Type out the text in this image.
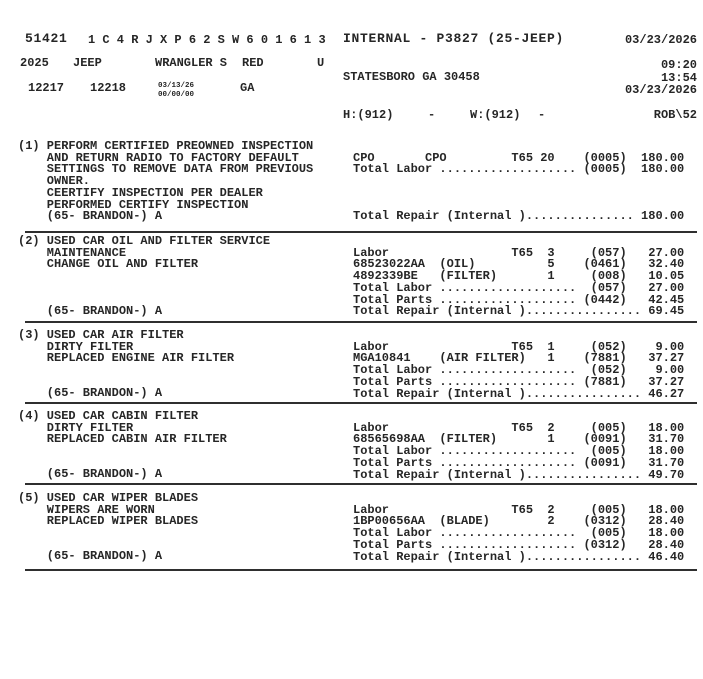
51421 1 C 4 R J X P 6 2 S W 6 0 1 6 1 3 INTERNAL - P3827 (25-JEEP)	03/23/2026
2025 JEEP	WRANGLER S RED	U	09:20
STATESBORO GA 30458	13:54
12217 12218	03/13/26
00/00/00	GA	03/23/2026
H:(912)	-	W:(912) -	ROB\52
(1) PERFORM CERTIFIED PREOWNED INSPECTION
AND RETURN RADIO TO FACTORY DEFAULT
SETTINGS TO REMOVE DATA FROM PREVIOUS
OWNER.
CEERTIFY INSPECTION PER DEALER
PERFORMED CERTIFY INSPECTION
(65- BRANDON-) A
CPO       CPO         T65 20    (0005)  180.00
Total Labor ................... (0005)  180.00
Total Repair (Internal )............... 180.00
(2) USED CAR OIL AND FILTER SERVICE
MAINTENANCE
CHANGE OIL AND FILTER
(65- BRANDON-) A
Labor                 T65  3     (057)   27.00
68523022AA  (OIL)          5    (0461)   32.40
4892339BE   (FILTER)       1     (008)   10.05
Total Labor ...................  (057)   27.00
Total Parts ................... (0442)   42.45
Total Repair (Internal )................ 69.45
(3) USED CAR AIR FILTER
DIRTY FILTER
REPLACED ENGINE AIR FILTER
(65- BRANDON-) A
Labor                 T65  1     (052)    9.00
MGA10841    (AIR FILTER)   1    (7881)   37.27
Total Labor ...................  (052)    9.00
Total Parts ................... (7881)   37.27
Total Repair (Internal )................ 46.27
(4) USED CAR CABIN FILTER
DIRTY FILTER
REPLACED CABIN AIR FILTER
(65- BRANDON-) A
Labor                 T65  2     (005)   18.00
68565698AA  (FILTER)       1    (0091)   31.70
Total Labor ...................  (005)   18.00
Total Parts ................... (0091)   31.70
Total Repair (Internal )................ 49.70
(5) USED CAR WIPER BLADES
WIPERS ARE WORN
REPLACED WIPER BLADES
(65- BRANDON-) A
Labor                 T65  2     (005)   18.00
1BP00656AA  (BLADE)        2    (0312)   28.40
Total Labor ...................  (005)   18.00
Total Parts ................... (0312)   28.40
Total Repair (Internal )................ 46.40
